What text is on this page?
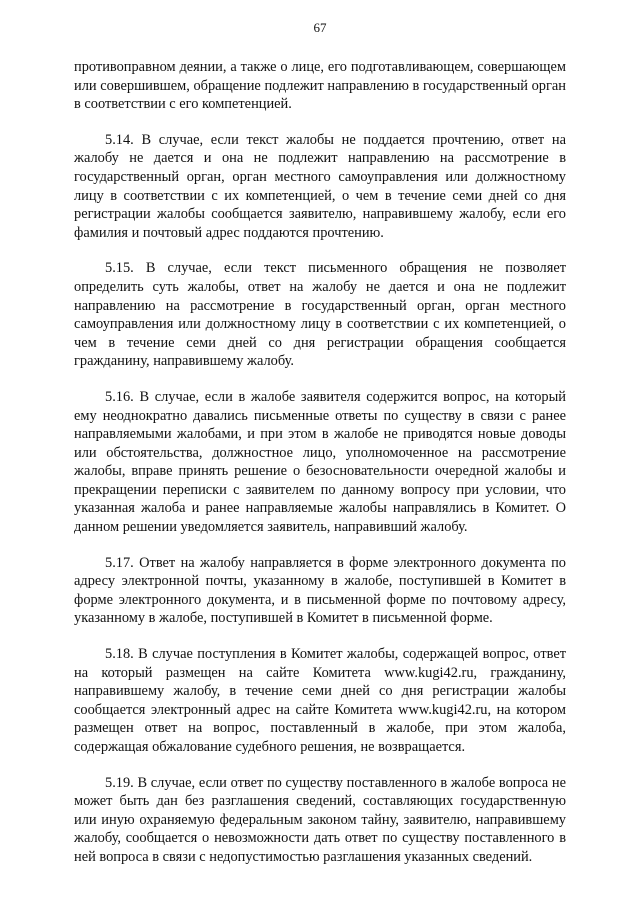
67

противоправном деянии, а также о лице, его подготавливающем, совершающем или совершившем, обращение подлежит направлению в государственный орган в соответствии с его компетенцией.

5.14. В случае, если текст жалобы не поддается прочтению, ответ на жалобу не дается и она не подлежит направлению на рассмотрение в государственный орган, орган местного самоуправления или должностному лицу в соответствии с их компетенцией, о чем в течение семи дней со дня регистрации жалобы сообщается заявителю, направившему жалобу, если его фамилия и почтовый адрес поддаются прочтению.

5.15. В случае, если текст письменного обращения не позволяет определить суть жалобы, ответ на жалобу не дается и она не подлежит направлению на рассмотрение в государственный орган, орган местного самоуправления или должностному лицу в соответствии с их компетенцией, о чем в течение семи дней со дня регистрации обращения сообщается гражданину, направившему жалобу.

5.16. В случае, если в жалобе заявителя содержится вопрос, на который ему неоднократно давались письменные ответы по существу в связи с ранее направляемыми жалобами, и при этом в жалобе не приводятся новые доводы или обстоятельства, должностное лицо, уполномоченное на рассмотрение жалобы, вправе принять решение о безосновательности очередной жалобы и прекращении переписки с заявителем по данному вопросу при условии, что указанная жалоба и ранее направляемые жалобы направлялись в Комитет. О данном решении уведомляется заявитель, направивший жалобу.

5.17. Ответ на жалобу направляется в форме электронного документа по адресу электронной почты, указанному в жалобе, поступившей в Комитет в форме электронного документа, и в письменной форме по почтовому адресу, указанному в жалобе, поступившей в Комитет в письменной форме.

5.18. В случае поступления в Комитет жалобы, содержащей вопрос, ответ на который размещен на сайте Комитета www.kugi42.ru, гражданину, направившему жалобу, в течение семи дней со дня регистрации жалобы сообщается электронный адрес на сайте Комитета www.kugi42.ru, на котором размещен ответ на вопрос, поставленный в жалобе, при этом жалоба, содержащая обжалование судебного решения, не возвращается.

5.19. В случае, если ответ по существу поставленного в жалобе вопроса не может быть дан без разглашения сведений, составляющих государственную или иную охраняемую федеральным законом тайну, заявителю, направившему жалобу, сообщается о невозможности дать ответ по существу поставленного в ней вопроса в связи с недопустимостью разглашения указанных сведений.
